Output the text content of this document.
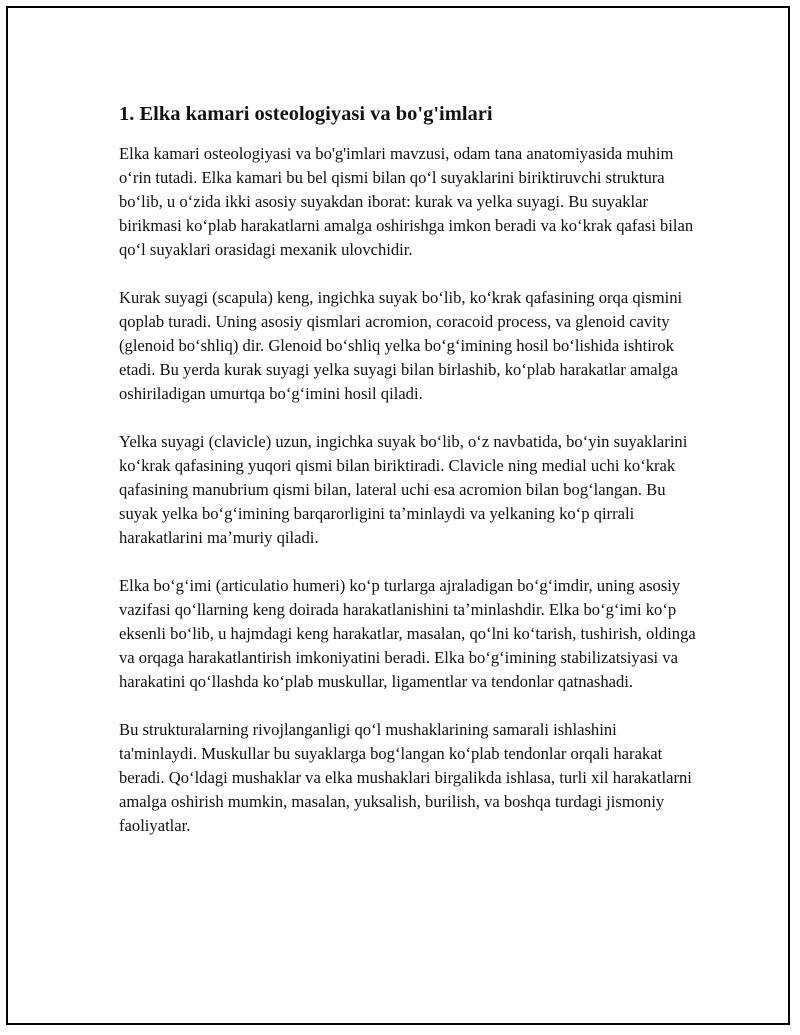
1. Elka kamari osteologiyasi va bo'g'imlari

Elka kamari osteologiyasi va bo'g'imlari mavzusi, odam tana anatomiyasida muhim oʻrin tutadi. Elka kamari bu bel qismi bilan qoʻl suyaklarini biriktiruvchi struktura boʻlib, u oʻzida ikki asosiy suyakdan iborat: kurak va yelka suyagi. Bu suyaklar birikmasi koʻplab harakatlarni amalga oshirishga imkon beradi va koʻkrak qafasi bilan qoʻl suyaklari orasidagi mexanik ulovchidir.

Kurak suyagi (scapula) keng, ingichka suyak boʻlib, koʻkrak qafasining orqa qismini qoplab turadi. Uning asosiy qismlari acromion, coracoid process, va glenoid cavity (glenoid boʻshliq) dir. Glenoid boʻshliq yelka boʻgʻimining hosil boʻlishida ishtirok etadi. Bu yerda kurak suyagi yelka suyagi bilan birlashib, koʻplab harakatlar amalga oshiriladigan umurtqa boʻgʻimini hosil qiladi.

Yelka suyagi (clavicle) uzun, ingichka suyak boʻlib, oʻz navbatida, boʻyin suyaklarini koʻkrak qafasining yuqori qismi bilan biriktiradi. Clavicle ning medial uchi koʻkrak qafasining manubrium qismi bilan, lateral uchi esa acromion bilan bogʻlangan. Bu suyak yelka boʻgʻimining barqarorligini taʼminlaydi va yelkaning koʻp qirrali harakatlarini maʼmuriy qiladi.

Elka boʻgʻimi (articulatio humeri) koʻp turlarga ajraladigan boʻgʻimdir, uning asosiy vazifasi qoʻllarning keng doirada harakatlanishini taʼminlashdir. Elka boʻgʻimi koʻp eksenli boʻlib, u hajmdagi keng harakatlar, masalan, qoʻlni koʻtarish, tushirish, oldinga va orqaga harakatlantirish imkoniyatini beradi. Elka boʻgʻimining stabilizatsiyasi va harakatini qoʻllashda koʻplab muskullar, ligamentlar va tendonlar qatnashadi.

Bu strukturalarning rivojlanganligi qoʻl mushaklarining samarali ishlashini ta'minlaydi. Muskullar bu suyaklarga bogʻlangan koʻplab tendonlar orqali harakat beradi. Qoʻldagi mushaklar va elka mushaklari birgalikda ishlasa, turli xil harakatlarni amalga oshirish mumkin, masalan, yuksalish, burilish, va boshqa turdagi jismoniy faoliyatlar.
